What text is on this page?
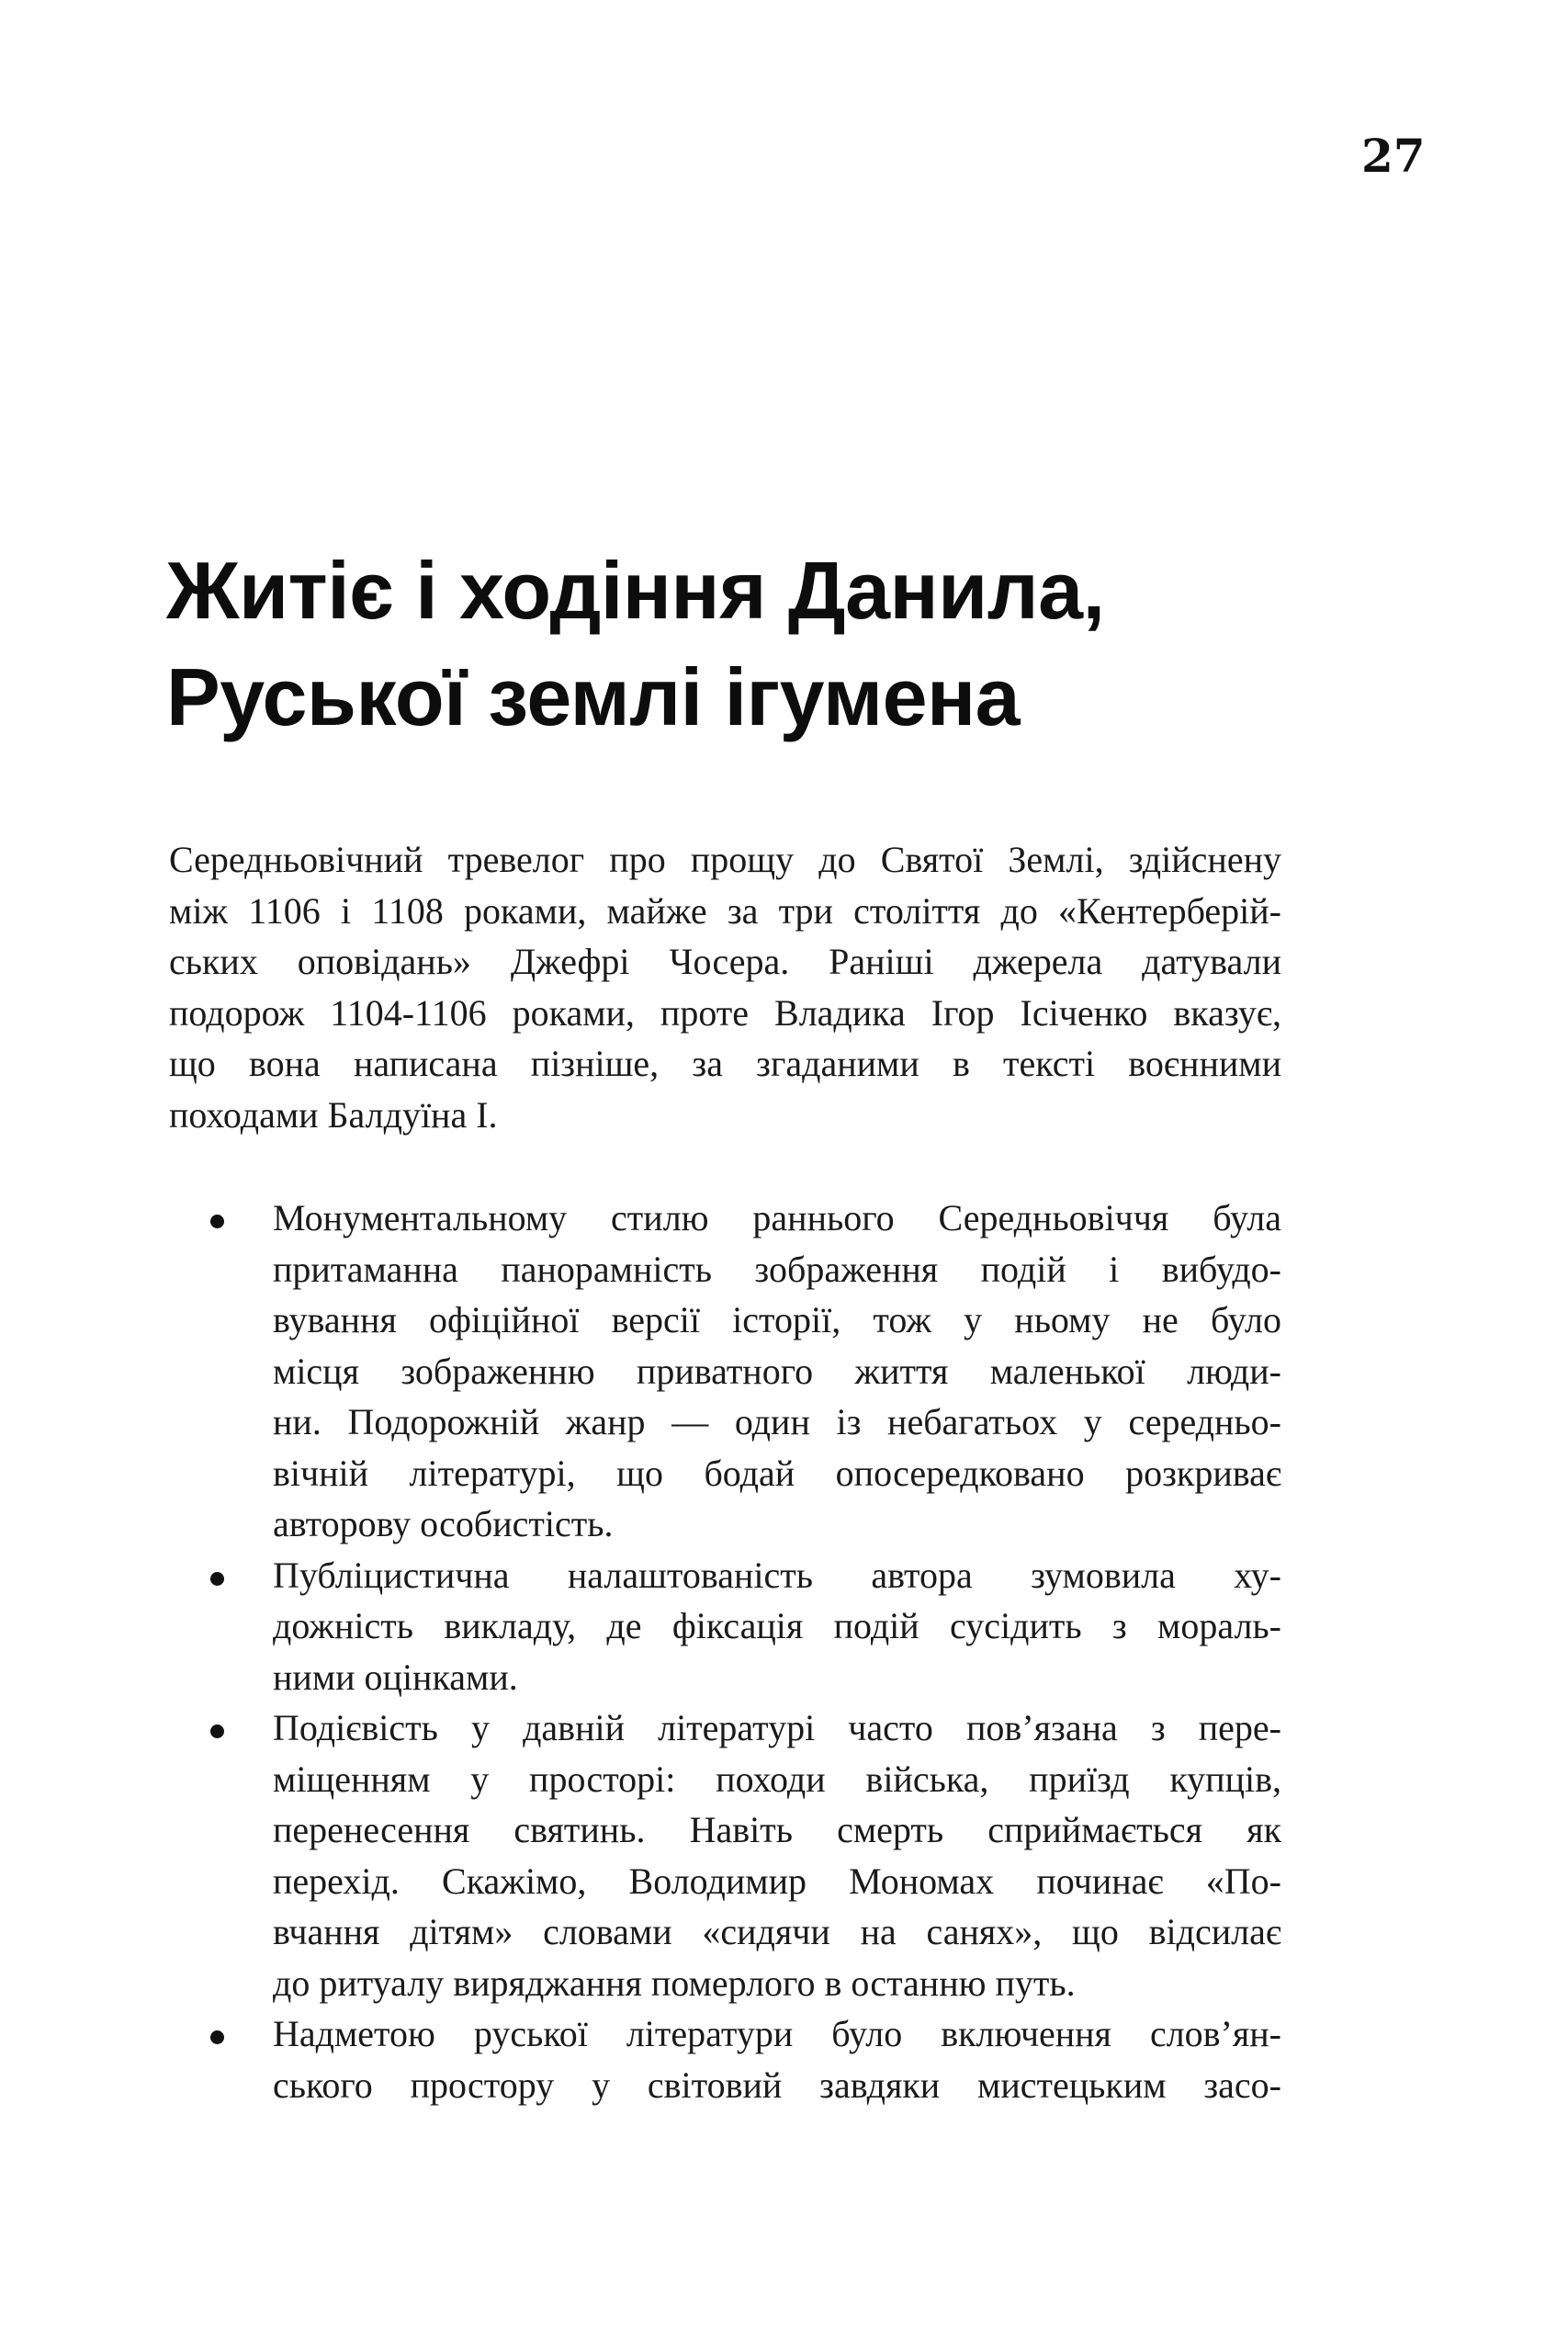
27
Житіє і ходіння Данила,
Руської землі ігумена
Середньовічний тревелог про прощу до Святої Землі, здійснену
між 1106 і 1108 роками, майже за три століття до «Кентерберій-
ських оповідань» Джефрі Чосера. Раніші джерела датували
подорож 1104-1106 роками, проте Владика Ігор Ісіченко вказує,
що вона написана пізніше, за згаданими в тексті воєнними
походами Балдуїна І.
Монументальному стилю раннього Середньовіччя була
притаманна панорамність зображення подій і вибудо-
вування офіційної версії історії, тож у ньому не було
місця зображенню приватного життя маленької люди-
ни. Подорожній жанр — один із небагатьох у середньо-
вічній літературі, що бодай опосередковано розкриває
авторову особистість.
Публіцистична налаштованість автора зумовила ху-
дожність викладу, де фіксація подій сусідить з мораль-
ними оцінками.
Подієвість у давній літературі часто пов’язана з пере-
міщенням у просторі: походи війська, приїзд купців,
перенесення святинь. Навіть смерть сприймається як
перехід. Скажімо, Володимир Мономах починає «По-
вчання дітям» словами «сидячи на санях», що відсилає
до ритуалу виряджання померлого в останню путь.
Надметою руської літератури було включення слов’ян-
ського простору у світовий завдяки мистецьким засо-
